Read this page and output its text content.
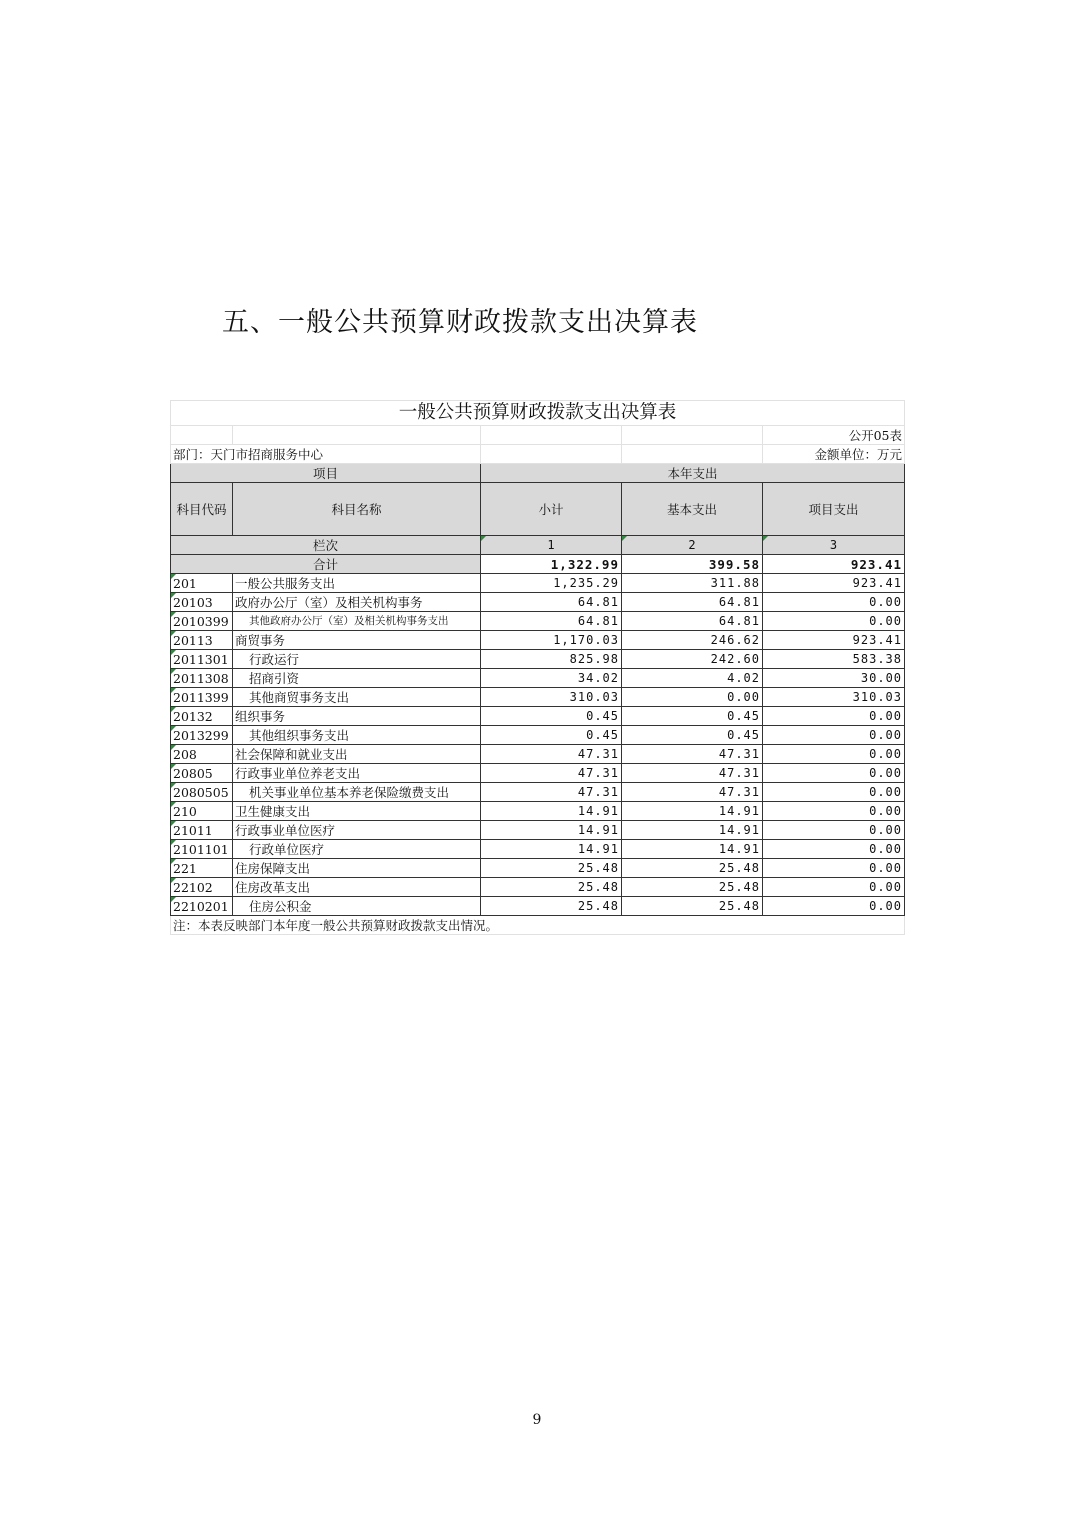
五、一般公共预算财政拨款支出决算表
一般公共预算财政拨款支出决算表				
				公开05表
部门：天门市招商服务中心				金额单位：万元
项目		本年支出		
科目代码	科目名称	小计	基本支出	项目支出
栏次		1	2	3
合计		1,322.99	399.58	923.41
201	一般公共服务支出	1,235.29	311.88	923.41
20103	政府办公厅（室）及相关机构事务	64.81	64.81	0.00
2010399	其他政府办公厅（室）及相关机构事务支出	64.81	64.81	0.00
20113	商贸事务	1,170.03	246.62	923.41
2011301	行政运行	825.98	242.60	583.38
2011308	招商引资	34.02	4.02	30.00
2011399	其他商贸事务支出	310.03	0.00	310.03
20132	组织事务	0.45	0.45	0.00
2013299	其他组织事务支出	0.45	0.45	0.00
208	社会保障和就业支出	47.31	47.31	0.00
20805	行政事业单位养老支出	47.31	47.31	0.00
2080505	机关事业单位基本养老保险缴费支出	47.31	47.31	0.00
210	卫生健康支出	14.91	14.91	0.00
21011	行政事业单位医疗	14.91	14.91	0.00
2101101	行政单位医疗	14.91	14.91	0.00
221	住房保障支出	25.48	25.48	0.00
22102	住房改革支出	25.48	25.48	0.00
2210201	住房公积金	25.48	25.48	0.00
注：本表反映部门本年度一般公共预算财政拨款支出情况。				
9
